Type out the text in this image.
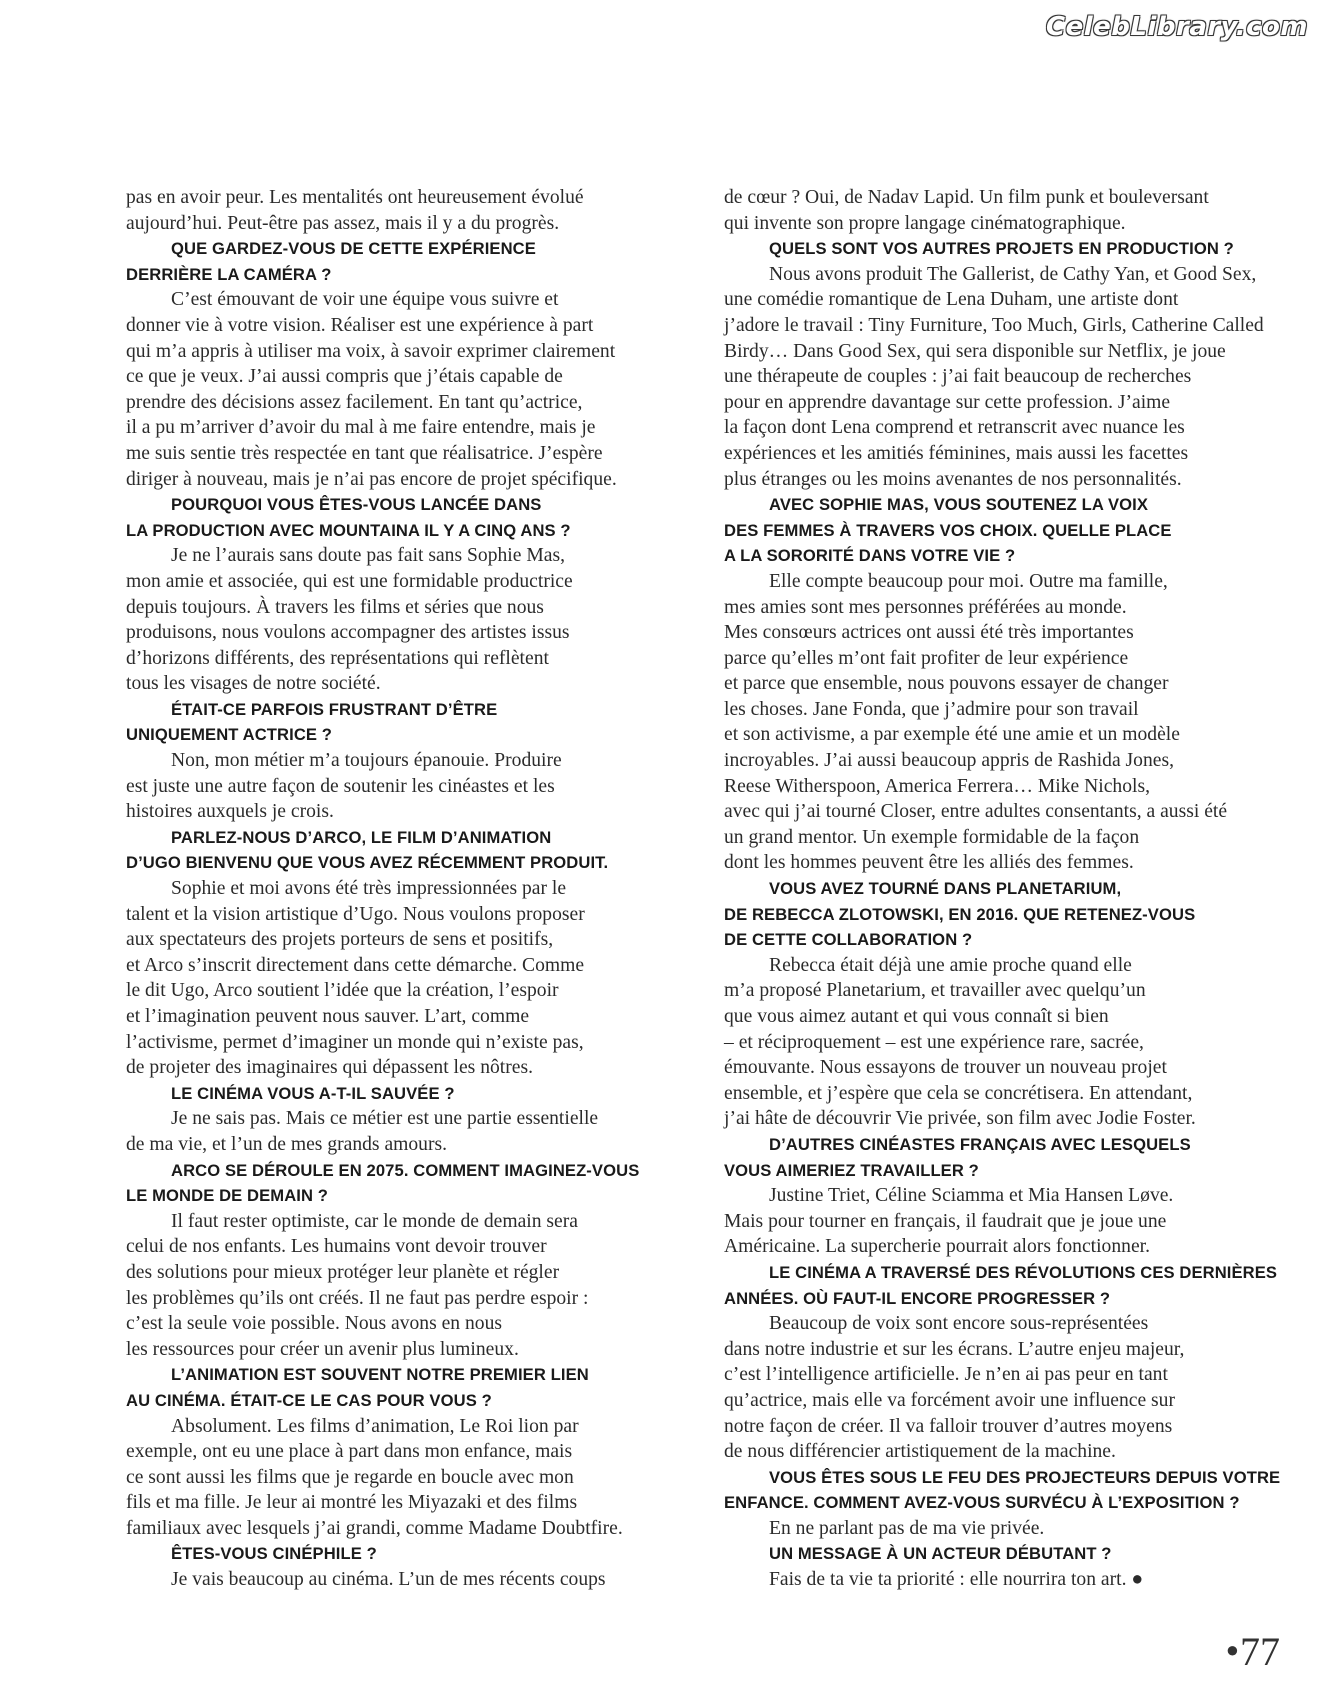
CelebLibrary.com
pas en avoir peur. Les mentalités ont heureusement évolué
aujourd’hui. Peut-être pas assez, mais il y a du progrès.
QUE GARDEZ-VOUS DE CETTE EXPÉRIENCE
DERRIÈRE LA CAMÉRA ?
C’est émouvant de voir une équipe vous suivre et
donner vie à votre vision. Réaliser est une expérience à part
qui m’a appris à utiliser ma voix, à savoir exprimer clairement
ce que je veux. J’ai aussi compris que j’étais capable de
prendre des décisions assez facilement. En tant qu’actrice,
il a pu m’arriver d’avoir du mal à me faire entendre, mais je
me suis sentie très respectée en tant que réalisatrice. J’espère
diriger à nouveau, mais je n’ai pas encore de projet spécifique.
POURQUOI VOUS ÊTES-VOUS LANCÉE DANS
LA PRODUCTION AVEC MOUNTAINA IL Y A CINQ ANS ?
Je ne l’aurais sans doute pas fait sans Sophie Mas,
mon amie et associée, qui est une formidable productrice
depuis toujours. À travers les films et séries que nous
produisons, nous voulons accompagner des artistes issus
d’horizons différents, des représentations qui reflètent
tous les visages de notre société.
ÉTAIT-CE PARFOIS FRUSTRANT D’ÊTRE
UNIQUEMENT ACTRICE ?
Non, mon métier m’a toujours épanouie. Produire
est juste une autre façon de soutenir les cinéastes et les
histoires auxquels je crois.
PARLEZ-NOUS D’ARCO, LE FILM D’ANIMATION
D’UGO BIENVENU QUE VOUS AVEZ RÉCEMMENT PRODUIT.
Sophie et moi avons été très impressionnées par le
talent et la vision artistique d’Ugo. Nous voulons proposer
aux spectateurs des projets porteurs de sens et positifs,
et Arco s’inscrit directement dans cette démarche. Comme
le dit Ugo, Arco soutient l’idée que la création, l’espoir
et l’imagination peuvent nous sauver. L’art, comme
l’activisme, permet d’imaginer un monde qui n’existe pas,
de projeter des imaginaires qui dépassent les nôtres.
LE CINÉMA VOUS A-T-IL SAUVÉE ?
Je ne sais pas. Mais ce métier est une partie essentielle
de ma vie, et l’un de mes grands amours.
ARCO SE DÉROULE EN 2075. COMMENT IMAGINEZ-VOUS
LE MONDE DE DEMAIN ?
Il faut rester optimiste, car le monde de demain sera
celui de nos enfants. Les humains vont devoir trouver
des solutions pour mieux protéger leur planète et régler
les problèmes qu’ils ont créés. Il ne faut pas perdre espoir :
c’est la seule voie possible. Nous avons en nous
les ressources pour créer un avenir plus lumineux.
L’ANIMATION EST SOUVENT NOTRE PREMIER LIEN
AU CINÉMA. ÉTAIT-CE LE CAS POUR VOUS ?
Absolument. Les films d’animation, Le Roi lion par
exemple, ont eu une place à part dans mon enfance, mais
ce sont aussi les films que je regarde en boucle avec mon
fils et ma fille. Je leur ai montré les Miyazaki et des films
familiaux avec lesquels j’ai grandi, comme Madame Doubtfire.
ÊTES-VOUS CINÉPHILE ?
Je vais beaucoup au cinéma. L’un de mes récents coups
de cœur ? Oui, de Nadav Lapid. Un film punk et bouleversant
qui invente son propre langage cinématographique.
QUELS SONT VOS AUTRES PROJETS EN PRODUCTION ?
Nous avons produit The Gallerist, de Cathy Yan, et Good Sex,
une comédie romantique de Lena Duham, une artiste dont
j’adore le travail : Tiny Furniture, Too Much, Girls, Catherine Called
Birdy… Dans Good Sex, qui sera disponible sur Netflix, je joue
une thérapeute de couples : j’ai fait beaucoup de recherches
pour en apprendre davantage sur cette profession. J’aime
la façon dont Lena comprend et retranscrit avec nuance les
expériences et les amitiés féminines, mais aussi les facettes
plus étranges ou les moins avenantes de nos personnalités.
AVEC SOPHIE MAS, VOUS SOUTENEZ LA VOIX
DES FEMMES À TRAVERS VOS CHOIX. QUELLE PLACE
A LA SORORITÉ DANS VOTRE VIE ?
Elle compte beaucoup pour moi. Outre ma famille,
mes amies sont mes personnes préférées au monde.
Mes consœurs actrices ont aussi été très importantes
parce qu’elles m’ont fait profiter de leur expérience
et parce que ensemble, nous pouvons essayer de changer
les choses. Jane Fonda, que j’admire pour son travail
et son activisme, a par exemple été une amie et un modèle
incroyables. J’ai aussi beaucoup appris de Rashida Jones,
Reese Witherspoon, America Ferrera… Mike Nichols,
avec qui j’ai tourné Closer, entre adultes consentants, a aussi été
un grand mentor. Un exemple formidable de la façon
dont les hommes peuvent être les alliés des femmes.
VOUS AVEZ TOURNÉ DANS PLANETARIUM,
DE REBECCA ZLOTOWSKI, EN 2016. QUE RETENEZ-VOUS
DE CETTE COLLABORATION ?
Rebecca était déjà une amie proche quand elle
m’a proposé Planetarium, et travailler avec quelqu’un
que vous aimez autant et qui vous connaît si bien
– et réciproquement – est une expérience rare, sacrée,
émouvante. Nous essayons de trouver un nouveau projet
ensemble, et j’espère que cela se concrétisera. En attendant,
j’ai hâte de découvrir Vie privée, son film avec Jodie Foster.
D’AUTRES CINÉASTES FRANÇAIS AVEC LESQUELS
VOUS AIMERIEZ TRAVAILLER ?
Justine Triet, Céline Sciamma et Mia Hansen Løve.
Mais pour tourner en français, il faudrait que je joue une
Américaine. La supercherie pourrait alors fonctionner.
LE CINÉMA A TRAVERSÉ DES RÉVOLUTIONS CES DERNIÈRES
ANNÉES. OÙ FAUT-IL ENCORE PROGRESSER ?
Beaucoup de voix sont encore sous-représentées
dans notre industrie et sur les écrans. L’autre enjeu majeur,
c’est l’intelligence artificielle. Je n’en ai pas peur en tant
qu’actrice, mais elle va forcément avoir une influence sur
notre façon de créer. Il va falloir trouver d’autres moyens
de nous différencier artistiquement de la machine.
VOUS ÊTES SOUS LE FEU DES PROJECTEURS DEPUIS VOTRE
ENFANCE. COMMENT AVEZ-VOUS SURVÉCU À L’EXPOSITION ?
En ne parlant pas de ma vie privée.
UN MESSAGE À UN ACTEUR DÉBUTANT ?
Fais de ta vie ta priorité : elle nourrira ton art. ●
●77
